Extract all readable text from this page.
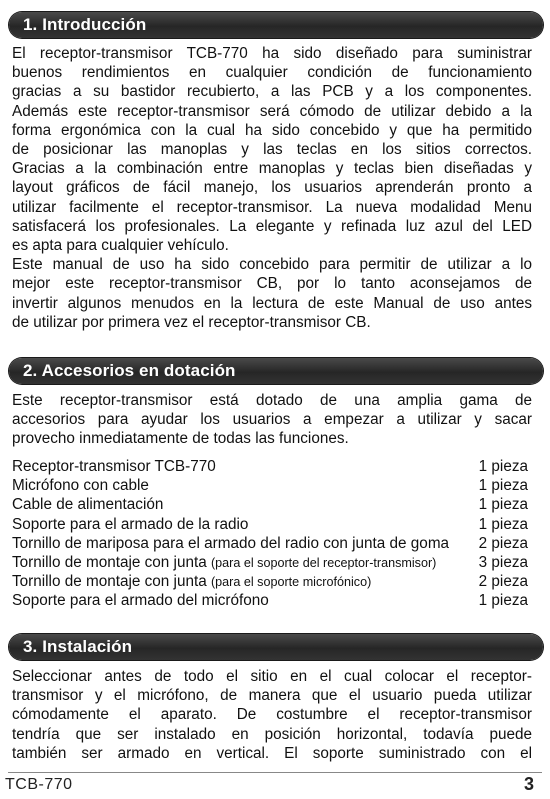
1. Introducción
El receptor-transmisor TCB-770 ha sido diseñado para suministrar
buenos rendimientos en cualquier condición de funcionamiento
gracias a su bastidor recubierto, a las PCB y a los componentes.
Además este receptor-transmisor será cómodo de utilizar debido a la
forma ergonómica con la cual ha sido concebido y que ha permitido
de posicionar las manoplas y las teclas en los sitios correctos.
Gracias a la combinación entre manoplas y teclas bien diseñadas y
layout gráficos de fácil manejo, los usuarios aprenderán pronto a
utilizar facilmente el receptor-transmisor. La nueva modalidad Menu
satisfacerá los profesionales. La elegante y refinada luz azul del LED
es apta para cualquier vehículo.
Este manual de uso ha sido concebido para permitir de utilizar a lo
mejor este receptor-transmisor CB, por lo tanto aconsejamos de
invertir algunos menudos en la lectura de este Manual de uso antes
de utilizar por primera vez el receptor-transmisor CB.
2. Accesorios en dotación
Este receptor-transmisor está dotado de una amplia gama de
accesorios para ayudar los usuarios a empezar a utilizar y sacar
provecho inmediatamente de todas las funciones.
Receptor-transmisor TCB-770	1 pieza
Micrófono con cable	1 pieza
Cable de alimentación	1 pieza
Soporte para el armado de la radio	1 pieza
Tornillo de mariposa para el armado del radio con junta de goma 2 pieza
Tornillo de montaje con junta (para el soporte del receptor-transmisor)	3 pieza
Tornillo de montaje con junta (para el soporte microfónico)	2 pieza
Soporte para el armado del micrófono	1 pieza
3. Instalación
Seleccionar antes de todo el sitio en el cual colocar el receptor-
transmisor y el micrófono, de manera que el usuario pueda utilizar
cómodamente el aparato. De costumbre el receptor-transmisor
tendría que ser instalado en posición horizontal, todavía puede
también ser armado en vertical. El soporte suministrado con el
TCB-770	3
